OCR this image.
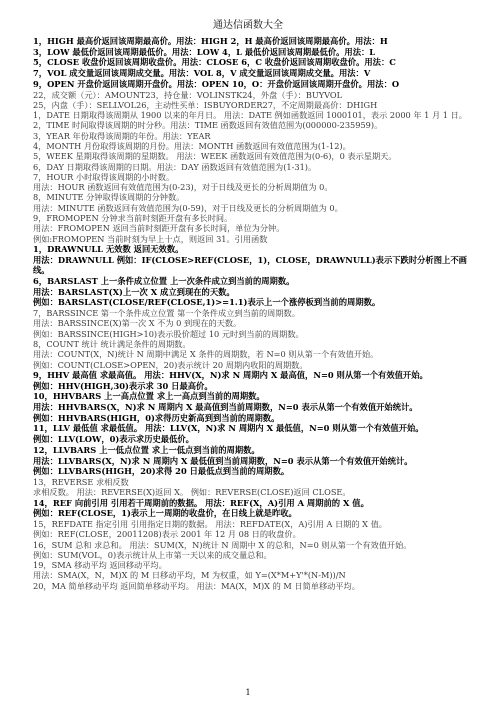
通达信函数大全
1，HIGH 最高价返回该周期最高价。用法：HIGH 2，H 最高价返回该周期最高价。用法：H
3，LOW 最低价返回该周期最低价。用法：LOW 4，L 最低价返回该周期最低价。用法：L
5，CLOSE 收盘价返回该周期收盘价。用法：CLOSE 6，C 收盘价返回该周期收盘价。用法：C
7，VOL 成交量返回该周期成交量。用法：VOL 8，V 成交量返回该周期成交量。用法：V
9，OPEN 开盘价返回该周期开盘价。用法：OPEN 10，O：开盘价返回该周期开盘价。用法：O
22，成交额（元）：AMOUNT23，持仓量：VOLINSTK24，外盘（手）：BUYVOL
25，内盘（手）：SELLVOL26，主动性买单：ISBUYORDER27，不定周期最高价：DHIGH
1，DATE 日期取得该周期从 1900 以来的年月日。 用法：DATE 例如函数返回 1000101，表示 2000 年 1 月 1 日。
2，TIME 时间取得该周期的时分秒。用法：TIME 函数返回有效值范围为(000000-235959)。
3，YEAR 年份取得该周期的年份。用法：YEAR
4，MONTH 月份取得该周期的月份。用法：MONTH 函数返回有效值范围为(1-12)。
5，WEEK 星期取得该周期的星期数。 用法：WEEK 函数返回有效值范围为(0-6)，0 表示星期天。
6，DAY 日期取得该周期的日期。用法：DAY 函数返回有效值范围为(1-31)。
7，HOUR 小时取得该周期的小时数。
用法：HOUR 函数返回有效值范围为(0-23)，对于日线及更长的分析周期值为 0。
8，MINUTE 分钟取得该周期的分钟数。
用法：MINUTE 函数返回有效值范围为(0-59)，对于日线及更长的分析周期值为 0。
9，FROMOPEN 分钟求当前时刻距开盘有多长时间。
用法：FROMOPEN 返回当前时刻距开盘有多长时间，单位为分钟。
例如:FROMOPEN 当前时刻为早上十点，则返回 31。引用函数
1，DRAWNULL 无效数 返回无效数。
用法：DRAWNULL 例如：IF(CLOSE>REF(CLOSE，1)，CLOSE，DRAWNULL)表示下跌时分析图上不画线。
6，BARSLAST 上一条件成立位置 上一次条件成立到当前的周期数。
用法：BARSLAST(X)上一次 X 成立到现在的天数。
例如：BARSLAST(CLOSE/REF(CLOSE,1)>=1.1)表示上一个涨停板到当前的周期数。
7，BARSSINCE 第一个条件成立位置 第一个条件成立到当前的周期数。
用法：BARSSINCE(X)第一次 X 不为 0 到现在的天数。
例如：BARSSINCE(HIGH>10)表示股价超过 10 元时到当前的周期数。
8，COUNT 统计 统计满足条件的周期数。
用法：COUNT(X，N)统计 N 周期中满足 X 条件的周期数，若 N=0 则从第一个有效值开始。
例如：COUNT(CLOSE>OPEN，20)表示统计 20 周期内收阳的周期数。
9，HHV 最高值 求最高值。 用法：HHV(X，N)求 N 周期内 X 最高值，N=0 则从第一个有效值开始。
例如：HHV(HIGH,30)表示求 30 日最高价。
10，HHVBARS 上一高点位置 求上一高点到当前的周期数。
用法：HHVBARS(X，N)求 N 周期内 X 最高值到当前周期数，N=0 表示从第一个有效值开始统计。
例如：HHVBARS(HIGH，0)求得历史新高到到当前的周期数。
11，LLV 最低值 求最低值。 用法：LLV(X，N)求 N 周期内 X 最低值，N=0 则从第一个有效值开始。
例如：LLV(LOW，0)表示求历史最低价。
12，LLVBARS 上一低点位置 求上一低点到当前的周期数。
用法：LLVBARS(X，N)求 N 周期内 X 最低值到当前周期数，N=0 表示从第一个有效值开始统计。
例如：LLVBARS(HIGH，20)求得 20 日最低点到当前的周期数。
13，REVERSE 求相反数
求相反数。 用法：REVERSE(X)返回 X。 例如：REVERSE(CLOSE)返回 CLOSE。
14，REF 向前引用 引用若干周期前的数据。 用法：REF(X，A)引用 A 周期前的 X 值。
例如：REF(CLOSE，1)表示上一周期的收盘价，在日线上就是昨收。
15，REFDATE 指定引用 引用指定日期的数据。 用法：REFDATE(X，A)引用 A 日期的 X 值。
例如：REF(CLOSE，20011208)表示 2001 年 12 月 08 日的收盘价。
16，SUM 总和 求总和。 用法：SUM(X，N)统计 N 周期中 X 的总和，N=0 则从第一个有效值开始。
例如：SUM(VOL，0)表示统计从上市第一天以来的成交量总和。
19，SMA 移动平均 返回移动平均。
用法：SMA(X，N，M)X 的 M 日移动平均，M 为权重，如 Y=(X*M+Y'*(N-M))/N
20，MA 简单移动平均 返回简单移动平均。 用法：MA(X，M)X 的 M 日简单移动平均。
1
